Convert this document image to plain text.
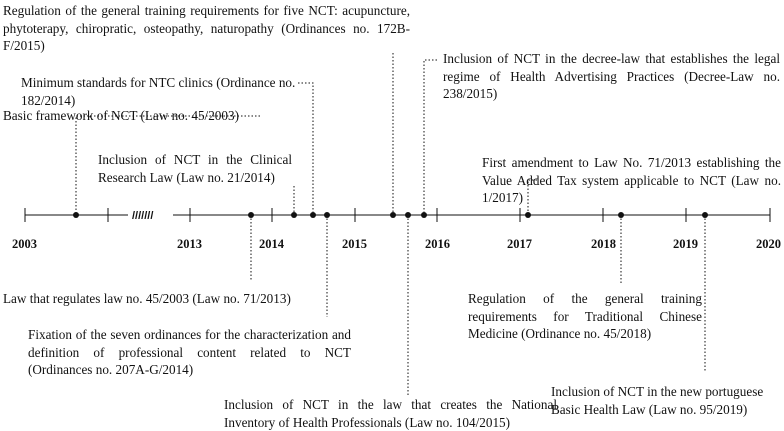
///////
2003	2013	2014	2015	2016	2017	2018	2019	2020

Regulation of the general training requirements for five NCT: acupuncture, phytoterapy, chiropratic, osteopathy, naturopathy (Ordinances no. 172B-F/2015)

Inclusion of NCT in the decree-law that establishes the legal regime of Health Advertising Practices (Decree-Law no. 238/2015)

Minimum standards for NTC clinics (Ordinance no. 182/2014)

Basic framework of NCT (Law no. 45/2003)

Inclusion of NCT in the Clinical Research Law (Law no. 21/2014)

First amendment to Law No. 71/2013 establishing the Value Added Tax system applicable to NCT (Law no. 1/2017)

Law that regulates law no. 45/2003 (Law no. 71/2013)

Fixation of the seven ordinances for the characterization and definition of professional content related to NCT (Ordinances no. 207A-G/2014)

Inclusion of NCT in the law that creates the National Inventory of Health Professionals (Law no. 104/2015)

Regulation of the general training requirements for Traditional Chinese Medicine (Ordinance no. 45/2018)

Inclusion of NCT in the new portuguese Basic Health Law (Law no. 95/2019)
